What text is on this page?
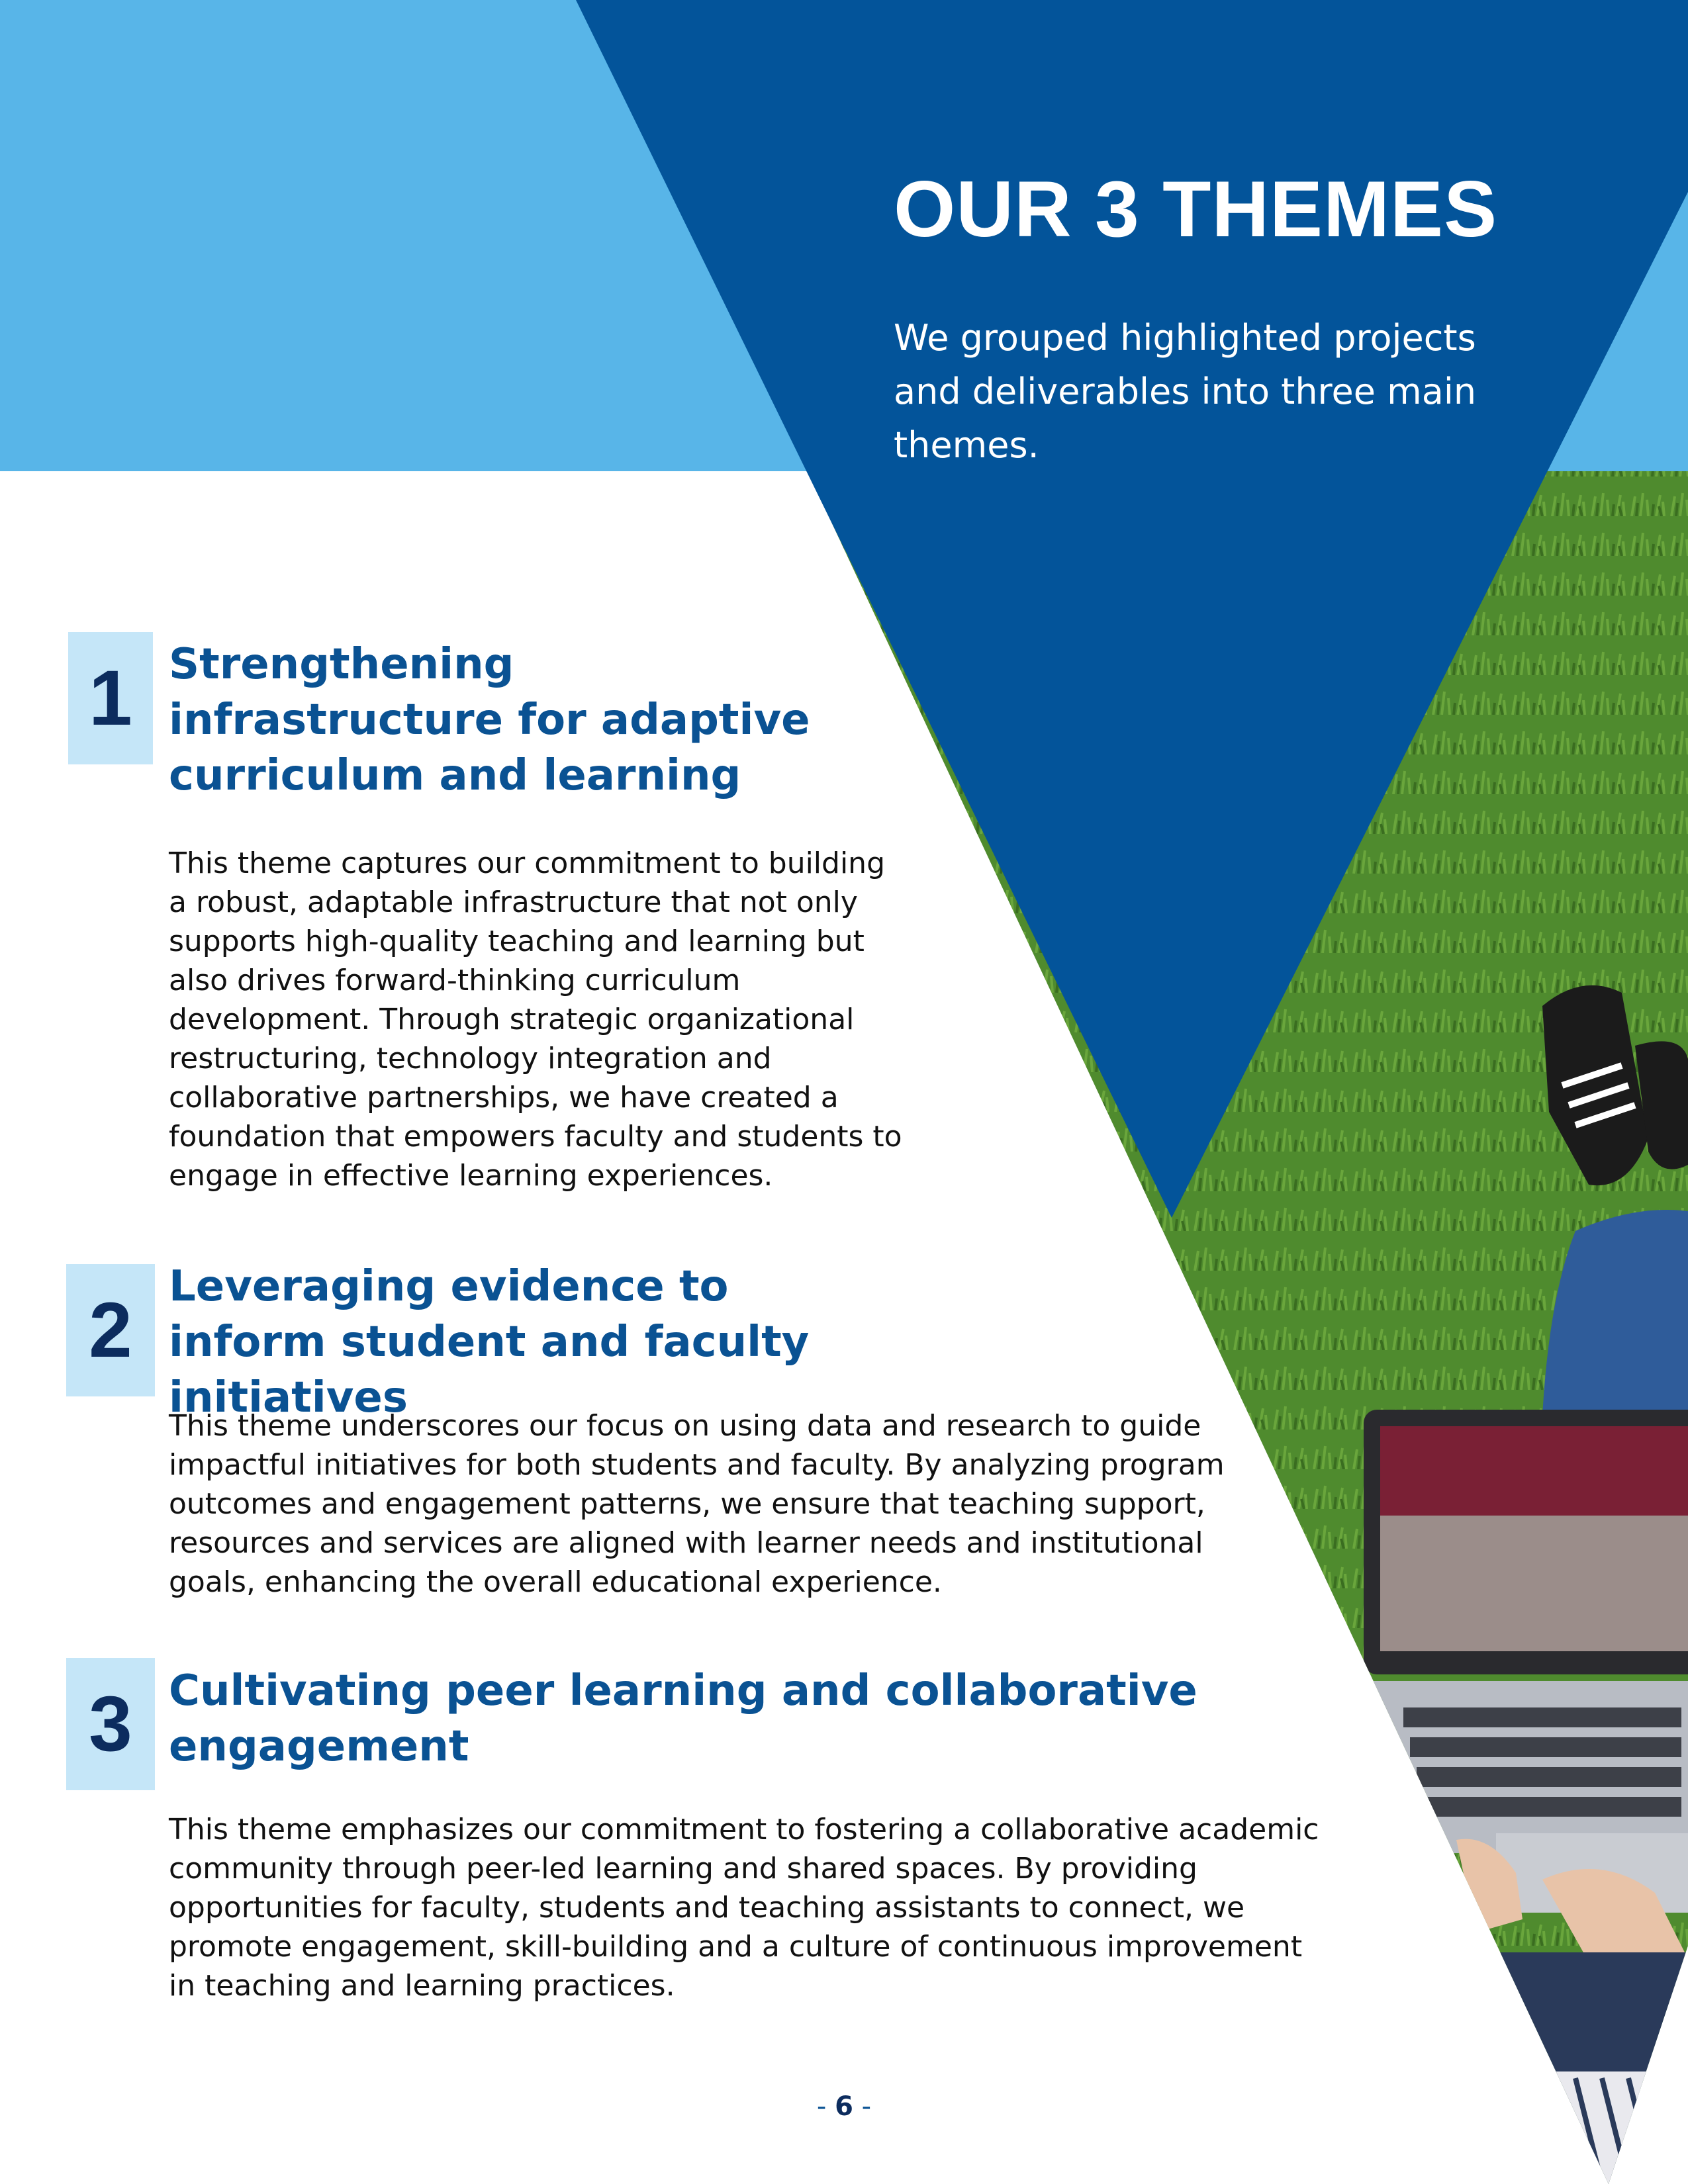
OUR 3 THEMES

We grouped highlighted projects and deliverables into three main themes.

1 Strengthening infrastructure for adaptive curriculum and learning

This theme captures our commitment to building a robust, adaptable infrastructure that not only supports high-quality teaching and learning but also drives forward-thinking curriculum development. Through strategic organizational restructuring, technology integration and collaborative partnerships, we have created a foundation that empowers faculty and students to engage in effective learning experiences.

2 Leveraging evidence to inform student and faculty initiatives

This theme underscores our focus on using data and research to guide impactful initiatives for both students and faculty. By analyzing program outcomes and engagement patterns, we ensure that teaching support, resources and services are aligned with learner needs and institutional goals, enhancing the overall educational experience.

3 Cultivating peer learning and collaborative engagement

This theme emphasizes our commitment to fostering a collaborative academic community through peer-led learning and shared spaces. By providing opportunities for faculty, students and teaching assistants to connect, we promote engagement, skill-building and a culture of continuous improvement in teaching and learning practices.

- 6 -
